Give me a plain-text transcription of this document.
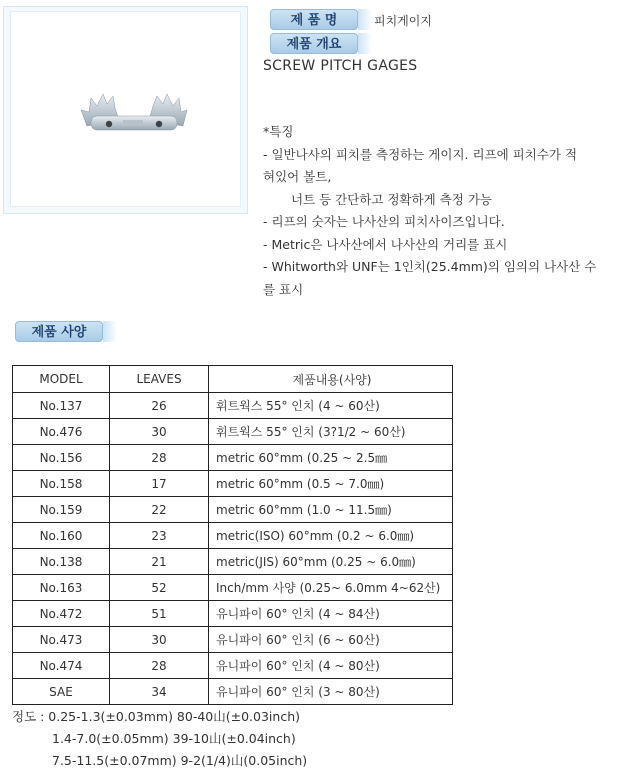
제 품 명	피치게이지
제품 개요
SCREW PITCH GAGES
*특징
- 일반나사의 피치를 측정하는 게이지. 리프에 피치수가 적
혀있어 볼트,
너트 등 간단하고 정확하게 측정 가능
- 리프의 숫자는 나사산의 피치사이즈입니다.
- Metric은 나사산에서 나사산의 거리를 표시
- Whitworth와 UNF는 1인치(25.4mm)의 임의의 나사산 수
를 표시
제품 사양
MODEL	LEAVES	제품내용(사양)
No.137	26	휘트웍스 55° 인치 (4 ~ 60산)
No.476	30	휘트웍스 55° 인치 (3?1/2 ~ 60산)
No.156	28	metric 60°mm (0.25 ~ 2.5㎜
No.158	17	metric 60°mm (0.5 ~ 7.0㎜)
No.159	22	metric 60°mm (1.0 ~ 11.5㎜)
No.160	23	metric(ISO) 60°mm (0.2 ~ 6.0㎜)
No.138	21	metric(JIS) 60°mm (0.25 ~ 6.0㎜)
No.163	52	Inch/mm 사양 (0.25~ 6.0mm 4~62산)
No.472	51	유니파이 60° 인치 (4 ~ 84산)
No.473	30	유니파이 60° 인치 (6 ~ 60산)
No.474	28	유니파이 60° 인치 (4 ~ 80산)
SAE	34	유니파이 60° 인치 (3 ~ 80산)
정도 : 0.25-1.3(±0.03mm) 80-40山(±0.03inch)
1.4-7.0(±0.05mm) 39-10山(±0.04inch)
7.5-11.5(±0.07mm) 9-2(1/4)山(0.05inch)
